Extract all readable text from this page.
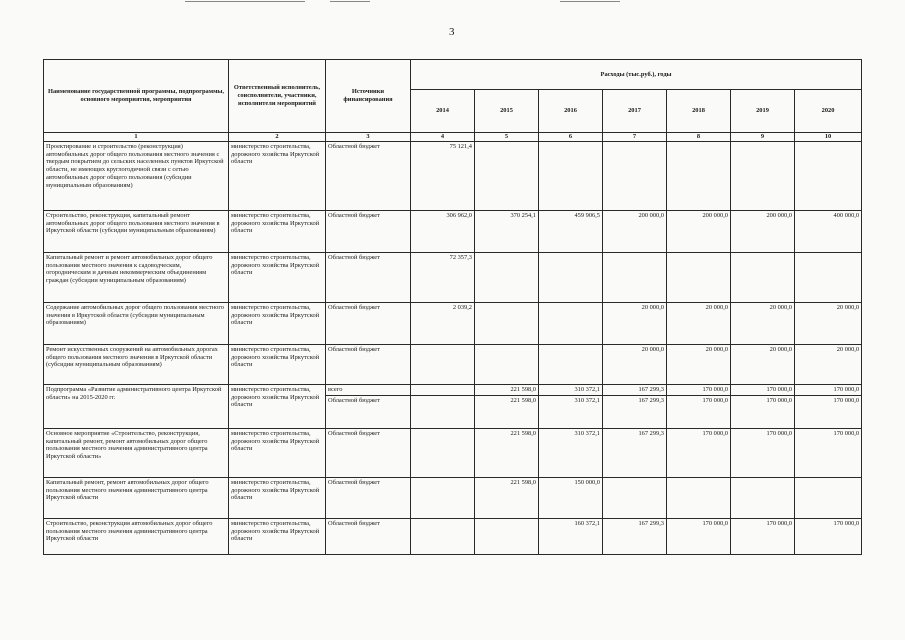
3
Наименование государственной программы, подпрограммы, основного мероприятия, мероприятия	Ответственный исполнитель, соисполнители, участники, исполнители мероприятий	Источники финансирования	Расходы (тыс.руб.), годы						
			2014	2015	2016	2017	2018	2019	2020
1	2	3	4	5	6	7	8	9	10
Проектирование и строительство (реконструкция) автомобильных дорог общего пользования местного значения с твердым покрытием до сельских населенных пунктов Иркутской области, не имеющих круглогодичной связи с сетью автомобильных дорог общего пользования (субсидии муниципальным образованиям)	министерство строительства, дорожного хозяйства Иркутской области	Областной бюджет	75 121,4						
Строительство, реконструкция, капитальный ремонт автомобильных дорог общего пользования местного значения в Иркутской области (субсидии муниципальным образованиям)	министерство строительства, дорожного хозяйства Иркутской области	Областной бюджет	306 962,0	370 254,1	459 906,5	200 000,0	200 000,0	200 000,0	400 000,0
Капитальный ремонт и ремонт автомобильных дорог общего пользования местного значения к садоводческим, огородническим и дачным некоммерческим объединениям граждан (субсидии муниципальным образованиям)	министерство строительства, дорожного хозяйства Иркутской области	Областной бюджет	72 357,3						
Содержание автомобильных дорог общего пользования местного значения в Иркутской области (субсидии муниципальным образованиям)	министерство строительства, дорожного хозяйства Иркутской области	Областной бюджет	2 039,2			20 000,0	20 000,0	20 000,0	20 000,0
Ремонт искусственных сооружений на автомобильных дорогах общего пользования местного значения в Иркутской области (субсидии муниципальным образованиям)	министерство строительства, дорожного хозяйства Иркутской области	Областной бюджет				20 000,0	20 000,0	20 000,0	20 000,0
Подпрограмма «Развитие административного центра Иркутской области» на 2015-2020 гг.	министерство строительства, дорожного хозяйства Иркутской области	всего		221 598,0	310 372,1	167 299,3	170 000,0	170 000,0	170 000,0
		Областной бюджет		221 598,0	310 372,1	167 299,3	170 000,0	170 000,0	170 000,0
Основное мероприятие «Строительство, реконструкция, капитальный ремонт, ремонт автомобильных дорог общего пользования местного значения административного центра Иркутской области»	министерство строительства, дорожного хозяйства Иркутской области	Областной бюджет		221 598,0	310 372,1	167 299,3	170 000,0	170 000,0	170 000,0
Капитальный ремонт, ремонт автомобильных дорог общего пользования местного значения административного центра Иркутской области	министерство строительства, дорожного хозяйства Иркутской области	Областной бюджет		221 598,0	150 000,0				
Строительство, реконструкция автомобильных дорог общего пользования местного значения административного центра Иркутской области	министерство строительства, дорожного хозяйства Иркутской области	Областной бюджет			160 372,1	167 299,3	170 000,0	170 000,0	170 000,0
